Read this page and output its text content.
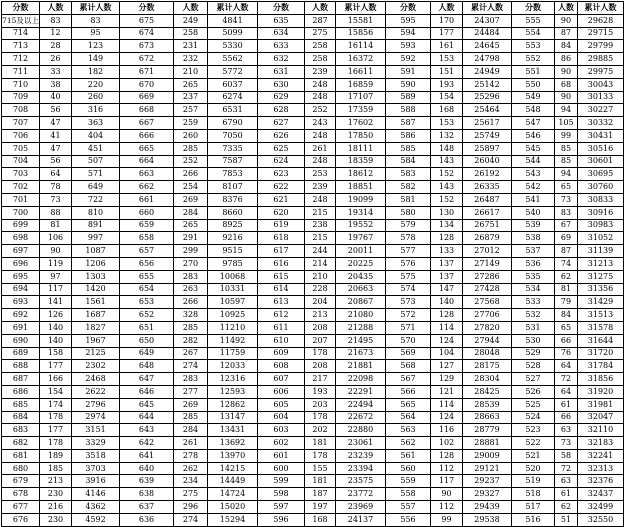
分数	人数	累计人数	分数	人数	累计人数	分数	人数	累计人数	分数	人数	累计人数	分数	人数	累计人数
715及以上	83	83	675	249	4841	635	287	15581	595	170	24307	555	90	29628
714	12	95	674	258	5099	634	275	15856	594	177	24484	554	87	29715
713	28	123	673	231	5330	633	258	16114	593	161	24645	553	84	29799
712	26	149	672	232	5562	632	258	16372	592	153	24798	552	86	29885
711	33	182	671	210	5772	631	239	16611	591	151	24949	551	90	29975
710	38	220	670	265	6037	630	248	16859	590	193	25142	550	68	30043
709	40	260	669	237	6274	629	248	17107	589	154	25296	549	90	30133
708	56	316	668	257	6531	628	252	17359	588	168	25464	548	94	30227
707	47	363	667	259	6790	627	243	17602	587	153	25617	547	105	30332
706	41	404	666	260	7050	626	248	17850	586	132	25749	546	99	30431
705	47	451	665	285	7335	625	261	18111	585	148	25897	545	85	30516
704	56	507	664	252	7587	624	248	18359	584	143	26040	544	85	30601
703	64	571	663	266	7853	623	253	18612	583	152	26192	543	94	30695
702	78	649	662	254	8107	622	239	18851	582	143	26335	542	65	30760
701	73	722	661	269	8376	621	248	19099	581	152	26487	541	73	30833
700	88	810	660	284	8660	620	215	19314	580	130	26617	540	83	30916
699	81	891	659	265	8925	619	238	19552	579	134	26751	539	67	30983
698	106	997	658	291	9216	618	215	19767	578	128	26879	538	69	31052
697	90	1087	657	299	9515	617	244	20011	577	133	27012	537	87	31139
696	119	1206	656	270	9785	616	214	20225	576	137	27149	536	74	31213
695	97	1303	655	283	10068	615	210	20435	575	137	27286	535	62	31275
694	117	1420	654	263	10331	614	228	20663	574	147	27428	534	81	31356
693	141	1561	653	266	10597	613	204	20867	573	140	27568	533	79	31429
692	126	1687	652	328	10925	612	213	21080	572	128	27706	532	84	31513
691	140	1827	651	285	11210	611	208	21288	571	114	27820	531	65	31578
690	140	1967	650	282	11492	610	207	21495	570	124	27944	530	66	31644
689	158	2125	649	267	11759	609	178	21673	569	104	28048	529	76	31720
688	177	2302	648	274	12033	608	208	21881	568	127	28175	528	64	31784
687	166	2468	647	283	12316	607	217	22098	567	129	28304	527	72	31856
686	154	2622	646	277	12593	606	193	22291	566	121	28425	526	64	31920
685	174	2796	645	269	12862	605	203	22494	565	114	28539	525	61	31981
684	178	2974	644	285	13147	604	178	22672	564	124	28663	524	66	32047
683	177	3151	643	284	13431	603	202	22880	563	116	28779	523	63	32110
682	178	3329	642	261	13692	602	181	23061	562	102	28881	522	73	32183
681	189	3518	641	278	13970	601	178	23239	561	128	29009	521	58	32241
680	185	3703	640	262	14215	600	155	23394	560	112	29121	520	72	32313
679	213	3916	639	234	14449	599	181	23575	559	117	29237	519	63	32376
678	230	4146	638	275	14724	598	187	23772	558	90	29327	518	61	32437
677	216	4362	637	296	15020	597	197	23969	557	112	29439	517	62	32499
676	230	4592	636	274	15294	596	168	24137	556	99	29538	516	51	32550
